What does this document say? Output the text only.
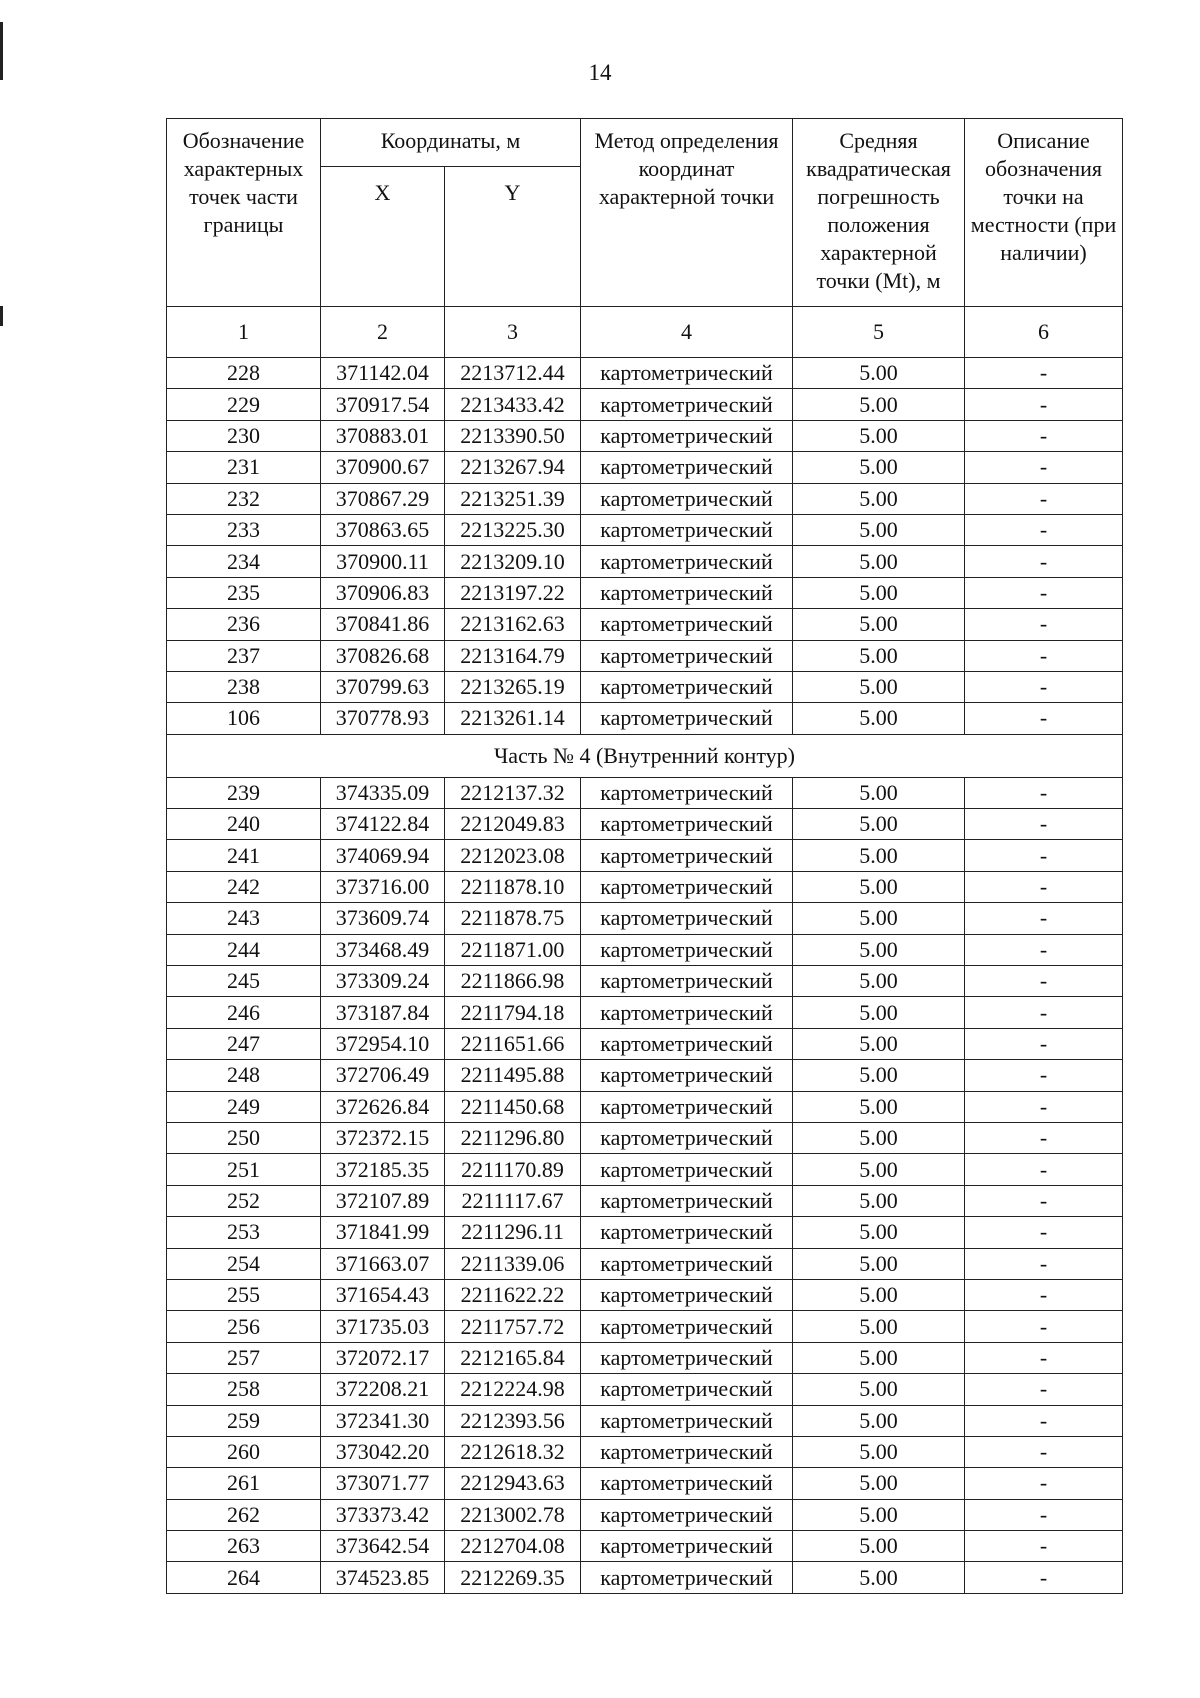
14
Обозначение характерных точек части границы	Координаты, м		Метод определения координат характерной точки	Средняя квадратическая погрешность положения характерной точки (Mt), м	Описание обозначения точки на местности (при наличии)

	X	Y			

1	2	3	4	5	6
228	371142.04	2213712.44	картометрический	5.00	-
229	370917.54	2213433.42	картометрический	5.00	-
230	370883.01	2213390.50	картометрический	5.00	-
231	370900.67	2213267.94	картометрический	5.00	-
232	370867.29	2213251.39	картометрический	5.00	-
233	370863.65	2213225.30	картометрический	5.00	-
234	370900.11	2213209.10	картометрический	5.00	-
235	370906.83	2213197.22	картометрический	5.00	-
236	370841.86	2213162.63	картометрический	5.00	-
237	370826.68	2213164.79	картометрический	5.00	-
238	370799.63	2213265.19	картометрический	5.00	-
106	370778.93	2213261.14	картометрический	5.00	-
Часть № 4 (Внутренний контур)					
239	374335.09	2212137.32	картометрический	5.00	-
240	374122.84	2212049.83	картометрический	5.00	-
241	374069.94	2212023.08	картометрический	5.00	-
242	373716.00	2211878.10	картометрический	5.00	-
243	373609.74	2211878.75	картометрический	5.00	-
244	373468.49	2211871.00	картометрический	5.00	-
245	373309.24	2211866.98	картометрический	5.00	-
246	373187.84	2211794.18	картометрический	5.00	-
247	372954.10	2211651.66	картометрический	5.00	-
248	372706.49	2211495.88	картометрический	5.00	-
249	372626.84	2211450.68	картометрический	5.00	-
250	372372.15	2211296.80	картометрический	5.00	-
251	372185.35	2211170.89	картометрический	5.00	-
252	372107.89	2211117.67	картометрический	5.00	-
253	371841.99	2211296.11	картометрический	5.00	-
254	371663.07	2211339.06	картометрический	5.00	-
255	371654.43	2211622.22	картометрический	5.00	-
256	371735.03	2211757.72	картометрический	5.00	-
257	372072.17	2212165.84	картометрический	5.00	-
258	372208.21	2212224.98	картометрический	5.00	-
259	372341.30	2212393.56	картометрический	5.00	-
260	373042.20	2212618.32	картометрический	5.00	-
261	373071.77	2212943.63	картометрический	5.00	-
262	373373.42	2213002.78	картометрический	5.00	-
263	373642.54	2212704.08	картометрический	5.00	-
264	374523.85	2212269.35	картометрический	5.00	-
